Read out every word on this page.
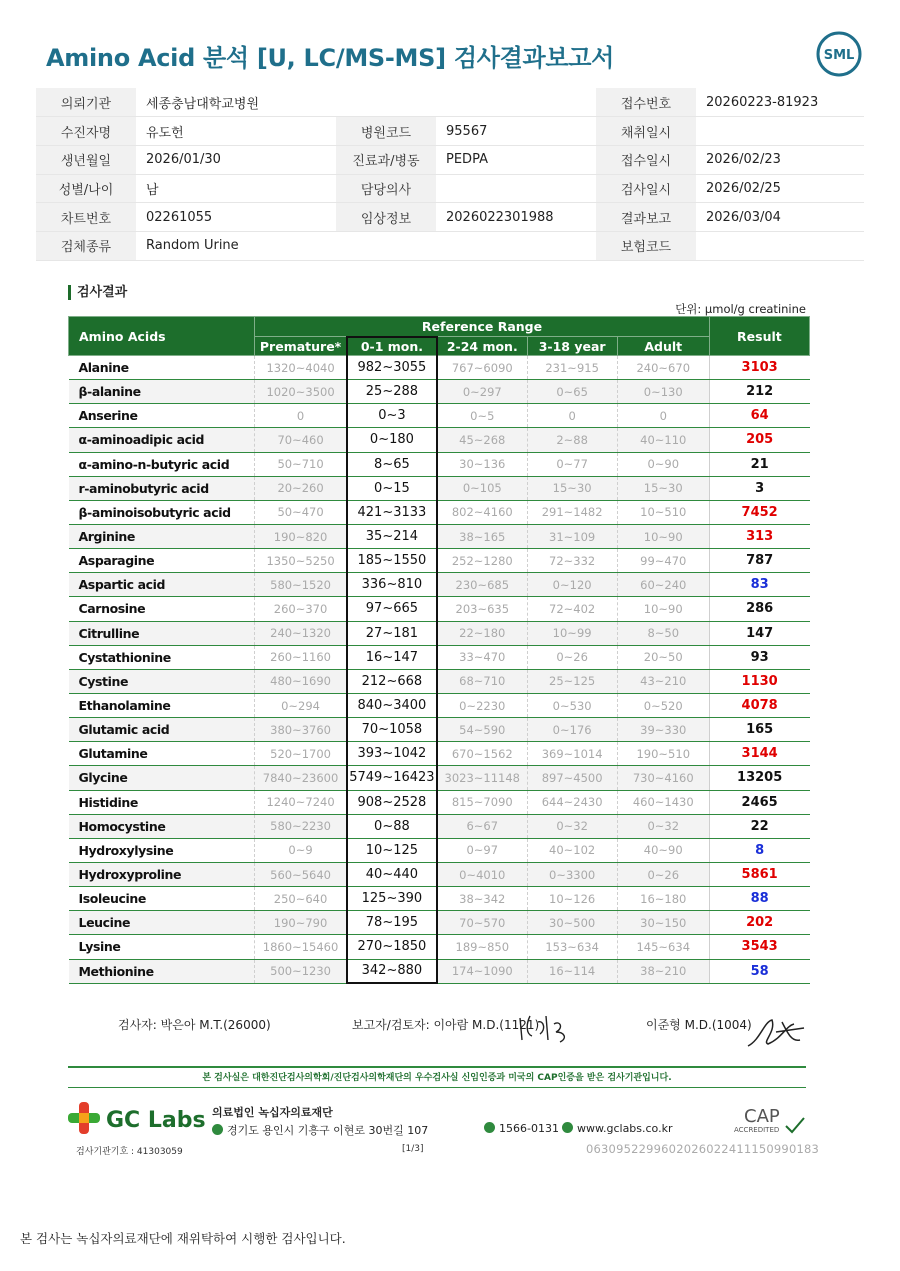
Amino Acid 분석 [U, LC/MS-MS] 검사결과보고서	SML
의뢰기관	세종충남대학교병원			접수번호	20260223-81923
수진자명	유도헌	병원코드	95567	채취일시	
생년월일	2026/01/30	진료과/병동	PEDPA	접수일시	2026/02/23
성별/나이	남	담당의사		검사일시	2026/02/25
차트번호	02261055	임상정보	2026022301988	결과보고	2026/03/04
검체종류	Random Urine			보험코드	
검사결과
단위: μmol/g creatinine
Amino Acids	Reference Range					Result
	Premature*	0-1 mon.	2-24 mon.	3-18 year	Adult	
Alanine	1320~4040	982~3055	767~6090	231~915	240~670	3103
β-alanine	1020~3500	25~288	0~297	0~65	0~130	212
Anserine	0	0~3	0~5	0	0	64
α-aminoadipic acid	70~460	0~180	45~268	2~88	40~110	205
α-amino-n-butyric acid	50~710	8~65	30~136	0~77	0~90	21
r-aminobutyric acid	20~260	0~15	0~105	15~30	15~30	3
β-aminoisobutyric acid	50~470	421~3133	802~4160	291~1482	10~510	7452
Arginine	190~820	35~214	38~165	31~109	10~90	313
Asparagine	1350~5250	185~1550	252~1280	72~332	99~470	787
Aspartic acid	580~1520	336~810	230~685	0~120	60~240	83
Carnosine	260~370	97~665	203~635	72~402	10~90	286
Citrulline	240~1320	27~181	22~180	10~99	8~50	147
Cystathionine	260~1160	16~147	33~470	0~26	20~50	93
Cystine	480~1690	212~668	68~710	25~125	43~210	1130
Ethanolamine	0~294	840~3400	0~2230	0~530	0~520	4078
Glutamic acid	380~3760	70~1058	54~590	0~176	39~330	165
Glutamine	520~1700	393~1042	670~1562	369~1014	190~510	3144
Glycine	7840~23600	5749~16423	3023~11148	897~4500	730~4160	13205
Histidine	1240~7240	908~2528	815~7090	644~2430	460~1430	2465
Homocystine	580~2230	0~88	6~67	0~32	0~32	22
Hydroxylysine	0~9	10~125	0~97	40~102	40~90	8
Hydroxyproline	560~5640	40~440	0~4010	0~3300	0~26	5861
Isoleucine	250~640	125~390	38~342	10~126	16~180	88
Leucine	190~790	78~195	70~570	30~500	30~150	202
Lysine	1860~15460	270~1850	189~850	153~634	145~634	3543
Methionine	500~1230	342~880	174~1090	16~114	38~210	58
검사자: 박은아 M.T.(26000)	보고자/검토자: 이아람 M.D.(1121)	이준형 M.D.(1004)
본 검사실은 대한진단검사의학회/진단검사의학재단의 우수검사실 신임인증과 미국의 CAP인증을 받은 검사기관입니다.
GC Labs 의료법인 녹십자의료재단
경기도 용인시 기흥구 이현로 30번길 107	1566-0131	www.gclabs.co.kr
CAP
ACCREDITED
검사기관기호 : 41303059	[1/3]	06309522996020260224111509901​83
본 검사는 녹십자의료재단에 재위탁하여 시행한 검사입니다.
